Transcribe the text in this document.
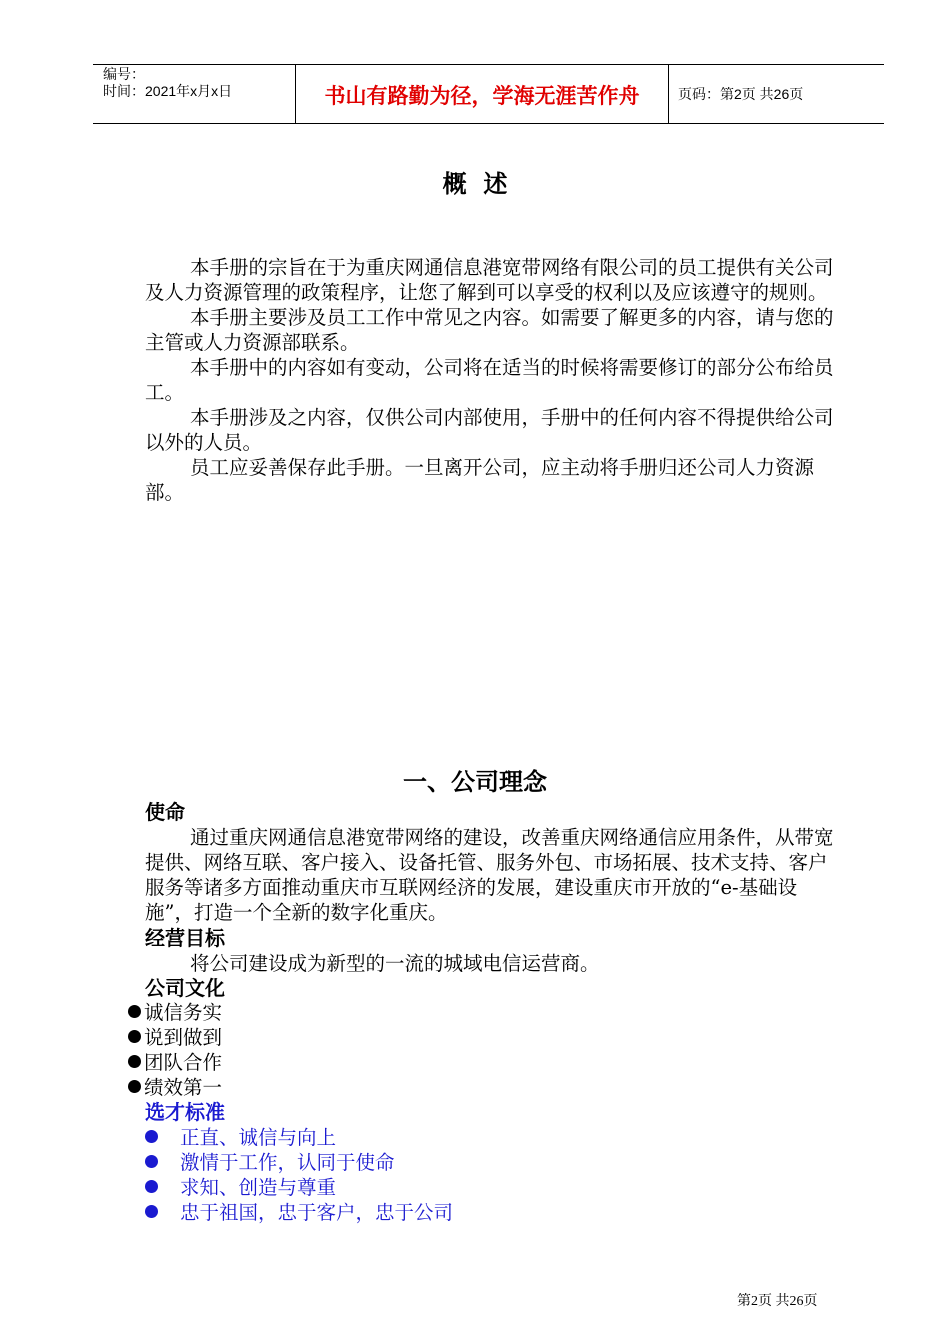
编号：
时间：2021年x月x日	书山有路勤为径，学海无涯苦作舟	页码：第2页 共26页
概  述

本手册的宗旨在于为重庆网通信息港宽带网络有限公司的员工提供有关公司及人力资源管理的政策程序，让您了解到可以享受的权利以及应该遵守的规则。

本手册主要涉及员工工作中常见之内容。如需要了解更多的内容，请与您的主管或人力资源部联系。

本手册中的内容如有变动，公司将在适当的时候将需要修订的部分公布给员工。

本手册涉及之内容，仅供公司内部使用，手册中的任何内容不得提供给公司以外的人员。

员工应妥善保存此手册。一旦离开公司，应主动将手册归还公司人力资源部。

一、公司理念
使命

通过重庆网通信息港宽带网络的建设，改善重庆网络通信应用条件，从带宽提供、网络互联、客户接入、设备托管、服务外包、市场拓展、技术支持、客户服务等诸多方面推动重庆市互联网经济的发展，建设重庆市开放的“e-基础设施”，打造一个全新的数字化重庆。

经营目标

将公司建设成为新型的一流的城域电信运营商。

公司文化
诚信务实
说到做到
团队合作
绩效第一
选才标准
正直、诚信与向上
激情于工作，认同于使命
求知、创造与尊重
忠于祖国，忠于客户，忠于公司
第2页 共26页
